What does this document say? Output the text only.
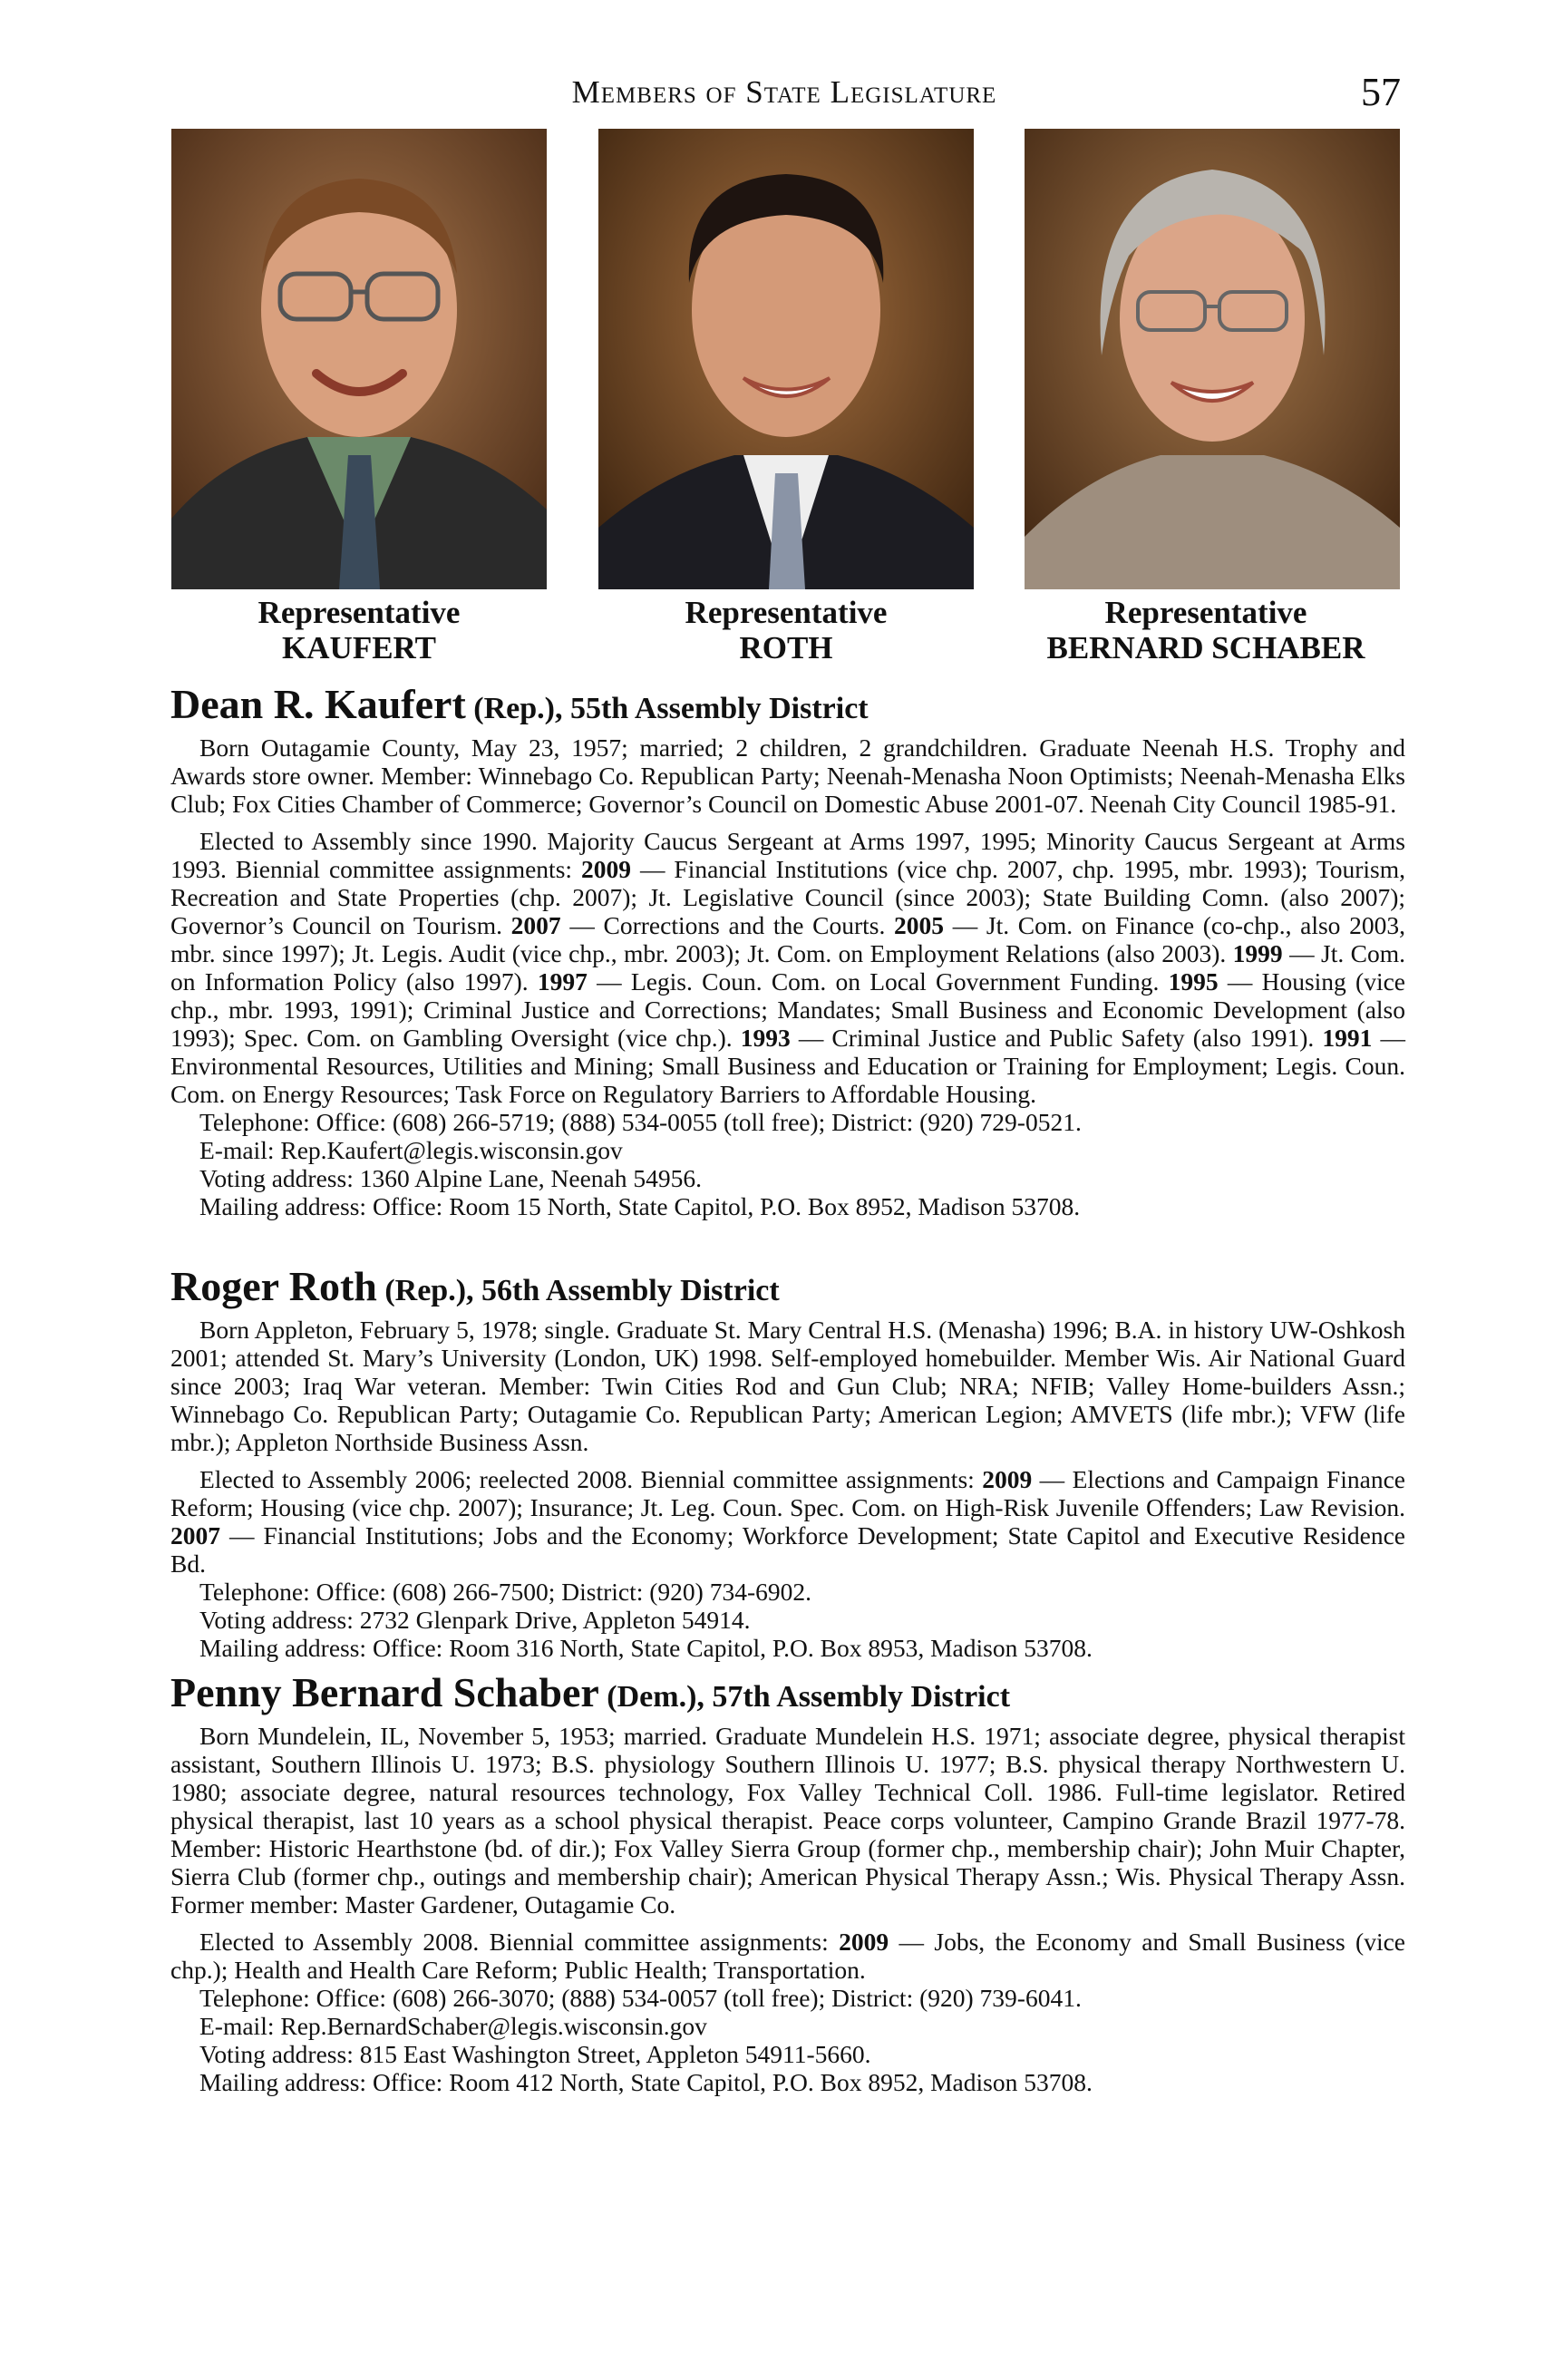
Members of State Legislature	57
Representative
KAUFERT
Representative
ROTH
Representative
BERNARD SCHABER
Dean R. Kaufert (Rep.), 55th Assembly District

Born Outagamie County, May 23, 1957; married; 2 children, 2 grandchildren. Graduate Neenah H.S. Trophy and Awards store owner. Member: Winnebago Co. Republican Party; Neenah-Menasha Noon Optimists; Neenah-Menasha Elks Club; Fox Cities Chamber of Commerce; Governor’s Council on Domestic Abuse 2001-07. Neenah City Council 1985-91.

Elected to Assembly since 1990. Majority Caucus Sergeant at Arms 1997, 1995; Minority Caucus Sergeant at Arms 1993. Biennial committee assignments: 2009 — Financial Institutions (vice chp. 2007, chp. 1995, mbr. 1993); Tourism, Recreation and State Properties (chp. 2007); Jt. Legislative Council (since 2003); State Building Comn. (also 2007); Governor’s Council on Tourism. 2007 — Corrections and the Courts. 2005 — Jt. Com. on Finance (co-chp., also 2003, mbr. since 1997); Jt. Legis. Audit (vice chp., mbr. 2003); Jt. Com. on Employment Relations (also 2003). 1999 — Jt. Com. on Information Policy (also 1997). 1997 — Legis. Coun. Com. on Local Government Funding. 1995 — Housing (vice chp., mbr. 1993, 1991); Criminal Justice and Corrections; Mandates; Small Business and Economic Development (also 1993); Spec. Com. on Gambling Oversight (vice chp.). 1993 — Criminal Justice and Public Safety (also 1991). 1991 — Environmental Resources, Utilities and Mining; Small Business and Education or Training for Employment; Legis. Coun. Com. on Energy Resources; Task Force on Regulatory Barriers to Affordable Housing.

Telephone: Office: (608) 266-5719; (888) 534-0055 (toll free); District: (920) 729-0521.

E-mail: Rep.Kaufert@legis.wisconsin.gov

Voting address: 1360 Alpine Lane, Neenah 54956.

Mailing address: Office: Room 15 North, State Capitol, P.O. Box 8952, Madison 53708.

Roger Roth (Rep.), 56th Assembly District

Born Appleton, February 5, 1978; single. Graduate St. Mary Central H.S. (Menasha) 1996; B.A. in history UW-Oshkosh 2001; attended St. Mary’s University (London, UK) 1998. Self-employed homebuilder. Member Wis. Air National Guard since 2003; Iraq War veteran. Member: Twin Cities Rod and Gun Club; NRA; NFIB; Valley Home-builders Assn.; Winnebago Co. Republican Party; Outagamie Co. Republican Party; American Legion; AMVETS (life mbr.); VFW (life mbr.); Appleton Northside Business Assn.

Elected to Assembly 2006; reelected 2008. Biennial committee assignments: 2009 — Elections and Campaign Finance Reform; Housing (vice chp. 2007); Insurance; Jt. Leg. Coun. Spec. Com. on High-Risk Juvenile Offenders; Law Revision. 2007 — Financial Institutions; Jobs and the Economy; Workforce Development; State Capitol and Executive Residence Bd.

Telephone: Office: (608) 266-7500; District: (920) 734-6902.

Voting address: 2732 Glenpark Drive, Appleton 54914.

Mailing address: Office: Room 316 North, State Capitol, P.O. Box 8953, Madison 53708.

Penny Bernard Schaber (Dem.), 57th Assembly District

Born Mundelein, IL, November 5, 1953; married. Graduate Mundelein H.S. 1971; associate degree, physical therapist assistant, Southern Illinois U. 1973; B.S. physiology Southern Illinois U. 1977; B.S. physical therapy Northwestern U. 1980; associate degree, natural resources technology, Fox Valley Technical Coll. 1986. Full-time legislator. Retired physical therapist, last 10 years as a school physical therapist. Peace corps volunteer, Campino Grande Brazil 1977-78. Member: Historic Hearthstone (bd. of dir.); Fox Valley Sierra Group (former chp., membership chair); John Muir Chapter, Sierra Club (former chp., outings and membership chair); American Physical Therapy Assn.; Wis. Physical Therapy Assn. Former member: Master Gardener, Outagamie Co.

Elected to Assembly 2008. Biennial committee assignments: 2009 — Jobs, the Economy and Small Business (vice chp.); Health and Health Care Reform; Public Health; Transportation.

Telephone: Office: (608) 266-3070; (888) 534-0057 (toll free); District: (920) 739-6041.

E-mail: Rep.BernardSchaber@legis.wisconsin.gov

Voting address: 815 East Washington Street, Appleton 54911-5660.

Mailing address: Office: Room 412 North, State Capitol, P.O. Box 8952, Madison 53708.
